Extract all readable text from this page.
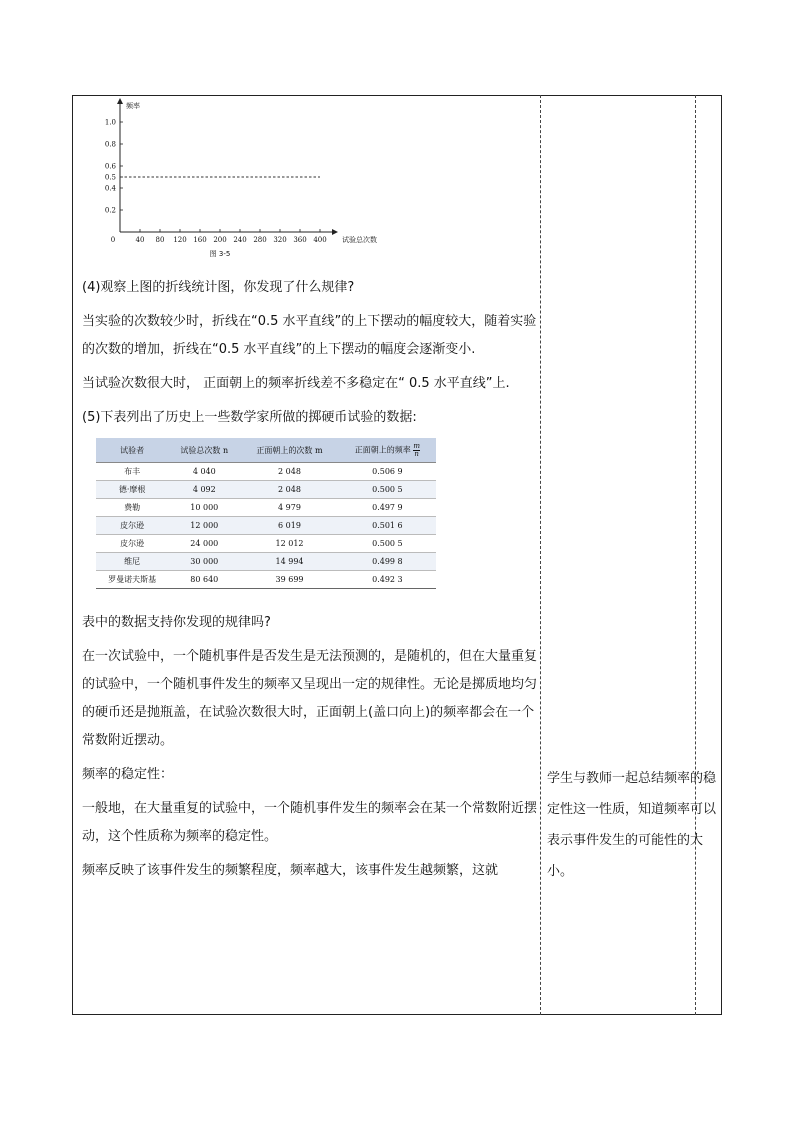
1.0
0.8
0.6
0.5
0.4
0.2
40 80 120 160 200 240 280 320 360 400
0
频率
试验总次数
图 3-5

(4)观察上图的折线统计图，你发现了什么规律?

当实验的次数较少时，折线在“0.5 水平直线”的上下摆动的幅度较大，随着实验的次数的增加，折线在“0.5 水平直线”的上下摆动的幅度会逐渐变小.

当试验次数很大时， 正面朝上的频率折线差不多稳定在“ 0.5 水平直线”上.

(5)下表列出了历史上一些数学家所做的掷硬币试验的数据:

试验者	试验总次数 n	正面朝上的次数 m	正面朝上的频率 $\frac{m}{n}$

布丰	4 040	2 048	0.506 9
德·摩根	4 092	2 048	0.500 5
费勒	10 000	4 979	0.497 9
皮尔逊	12 000	6 019	0.501 6
皮尔逊	24 000	12 012	0.500 5
维尼	30 000	14 994	0.499 8
罗曼诺夫斯基	80 640	39 699	0.492 3

表中的数据支持你发现的规律吗?

在一次试验中，一个随机事件是否发生是无法预测的，是随机的，但在大量重复的试验中，一个随机事件发生的频率又呈现出一定的规律性。无论是掷质地均匀的硬币还是抛瓶盖，在试验次数很大时，正面朝上(盖口向上)的频率都会在一个常数附近摆动。

频率的稳定性：

一般地，在大量重复的试验中，一个随机事件发生的频率会在某一个常数附近摆动，这个性质称为频率的稳定性。

频率反映了该事件发生的频繁程度，频率越大，该事件发生越频繁，这就

学生与教师一起总结频率的稳定性这一性质，知道频率可以表示事件发生的可能性的大小。
